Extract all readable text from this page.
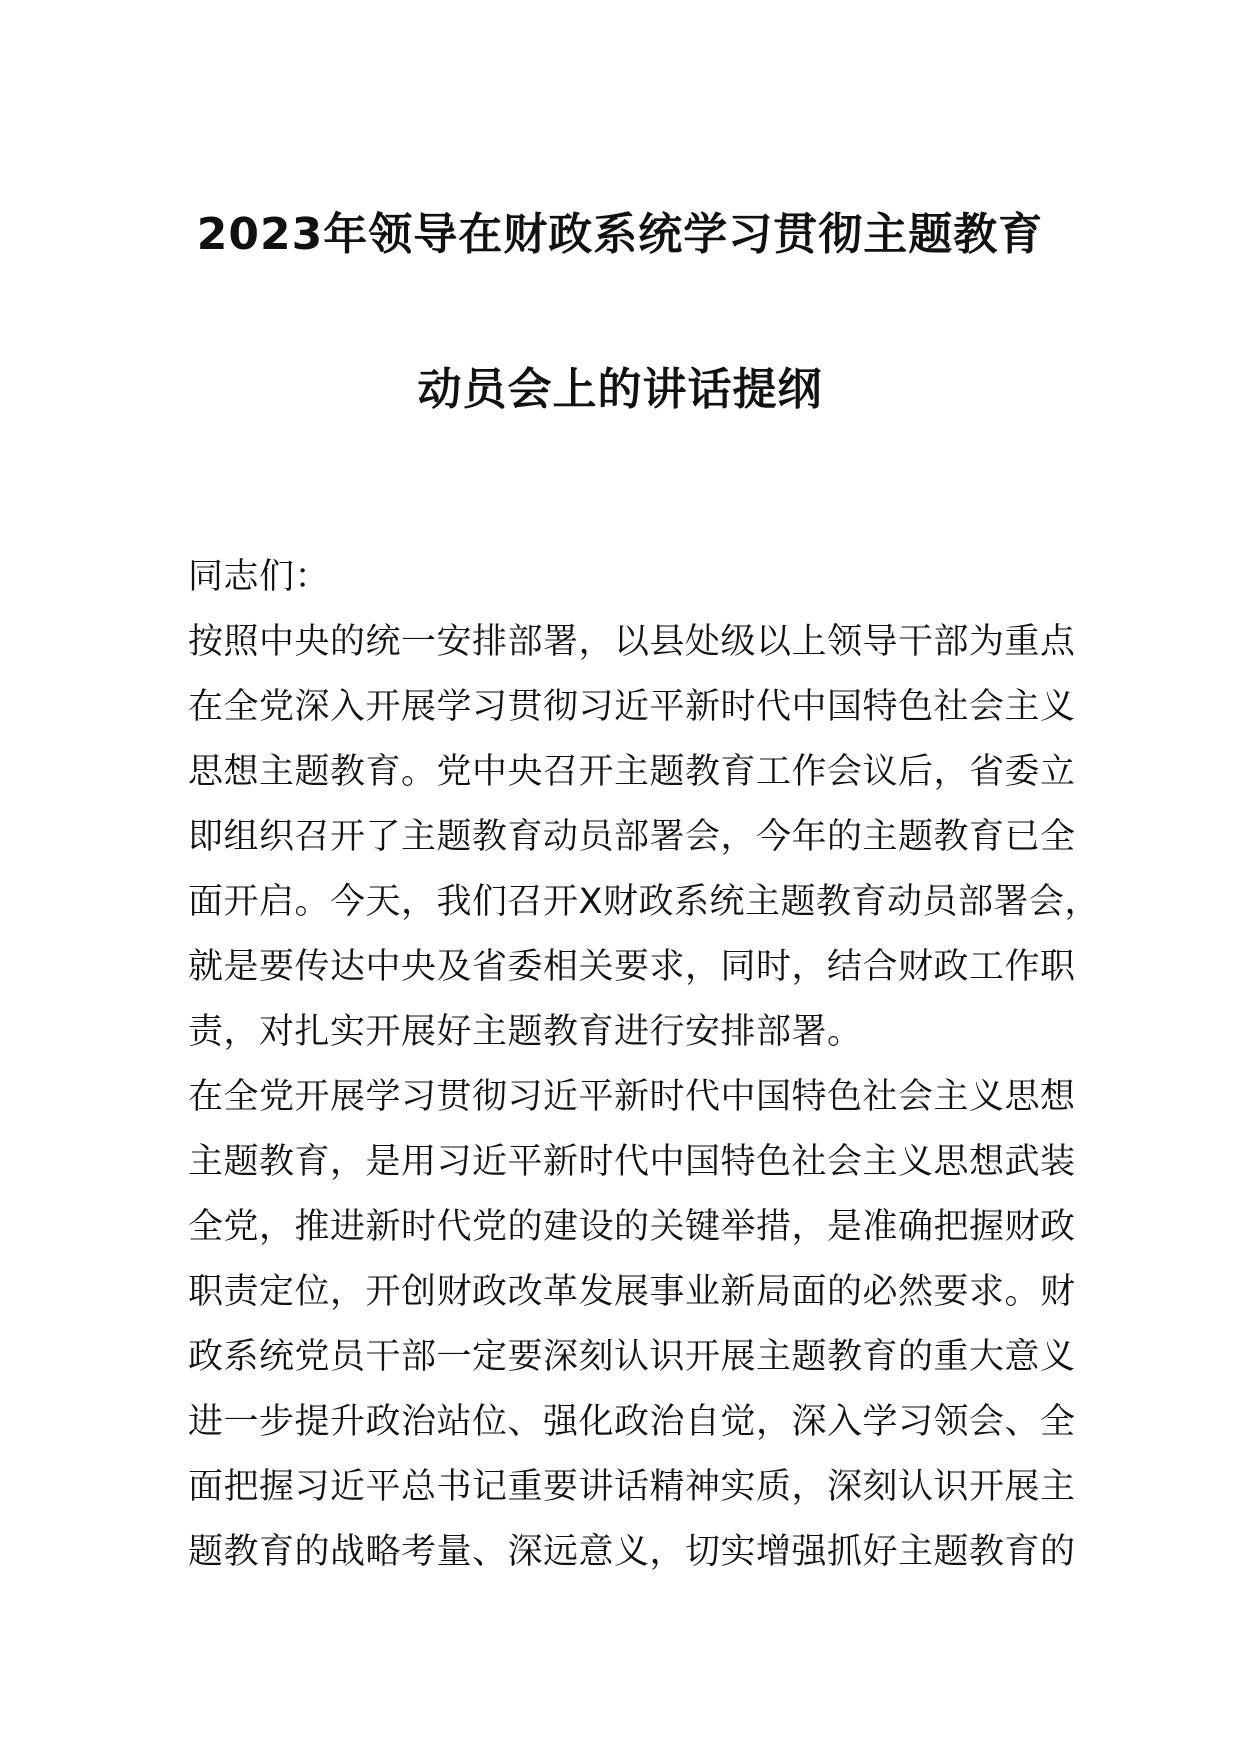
2023年领导在财政系统学习贯彻主题教育
动员会上的讲话提纲
同志们：
按照中央的统一安排部署，以县处级以上领导干部为重点
在全党深入开展学习贯彻习近平新时代中国特色社会主义
思想主题教育。党中央召开主题教育工作会议后，省委立
即组织召开了主题教育动员部署会，今年的主题教育已全
面开启。今天，我们召开X财政系统主题教育动员部署会，
就是要传达中央及省委相关要求，同时，结合财政工作职
责，对扎实开展好主题教育进行安排部署。
在全党开展学习贯彻习近平新时代中国特色社会主义思想
主题教育，是用习近平新时代中国特色社会主义思想武装
全党，推进新时代党的建设的关键举措，是准确把握财政
职责定位，开创财政改革发展事业新局面的必然要求。财
政系统党员干部一定要深刻认识开展主题教育的重大意义
进一步提升政治站位、强化政治自觉，深入学习领会、全
面把握习近平总书记重要讲话精神实质，深刻认识开展主
题教育的战略考量、深远意义，切实增强抓好主题教育的
